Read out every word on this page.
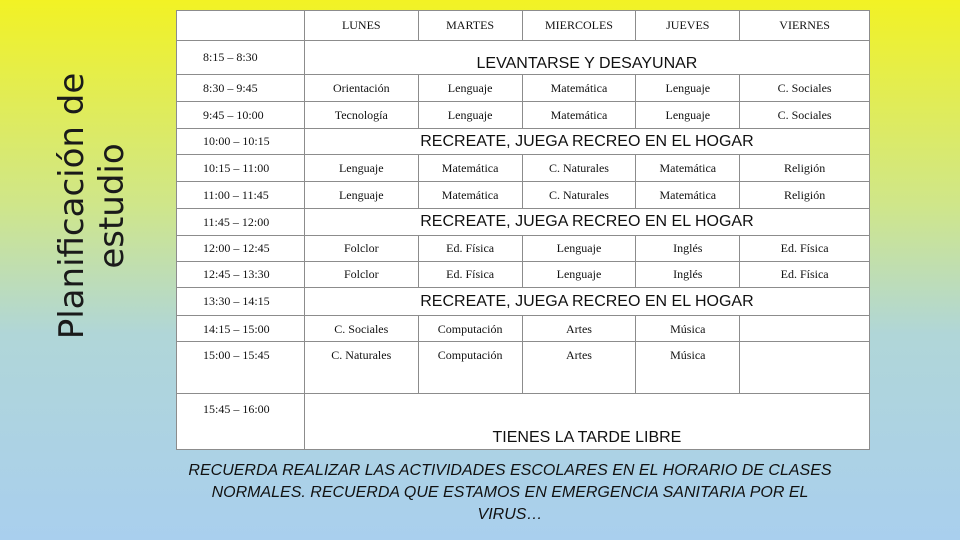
Planificación de estudio
	LUNES	MARTES	MIERCOLES	JUEVES	VIERNES
8:15 – 8:30	LEVANTARSE Y DESAYUNAR				
8:30 – 9:45	Orientación	Lenguaje	Matemática	Lenguaje	C. Sociales
9:45 – 10:00	Tecnología	Lenguaje	Matemática	Lenguaje	C. Sociales
10:00 – 10:15	RECREATE, JUEGA RECREO EN EL HOGAR				
10:15 – 11:00	Lenguaje	Matemática	C. Naturales	Matemática	Religión
11:00 – 11:45	Lenguaje	Matemática	C. Naturales	Matemática	Religión
11:45 – 12:00	RECREATE, JUEGA RECREO EN EL HOGAR				
12:00 – 12:45	Folclor	Ed. Física	Lenguaje	Inglés	Ed. Física
12:45 – 13:30	Folclor	Ed. Física	Lenguaje	Inglés	Ed. Física
13:30 – 14:15	RECREATE, JUEGA RECREO EN EL HOGAR				
14:15 – 15:00	C. Sociales	Computación	Artes	Música	
15:00 – 15:45	C. Naturales	Computación	Artes	Música	
15:45 – 16:00	TIENES LA TARDE LIBRE				
RECUERDA REALIZAR LAS ACTIVIDADES ESCOLARES EN EL HORARIO DE CLASES
NORMALES. RECUERDA QUE ESTAMOS EN EMERGENCIA SANITARIA POR EL
VIRUS…
